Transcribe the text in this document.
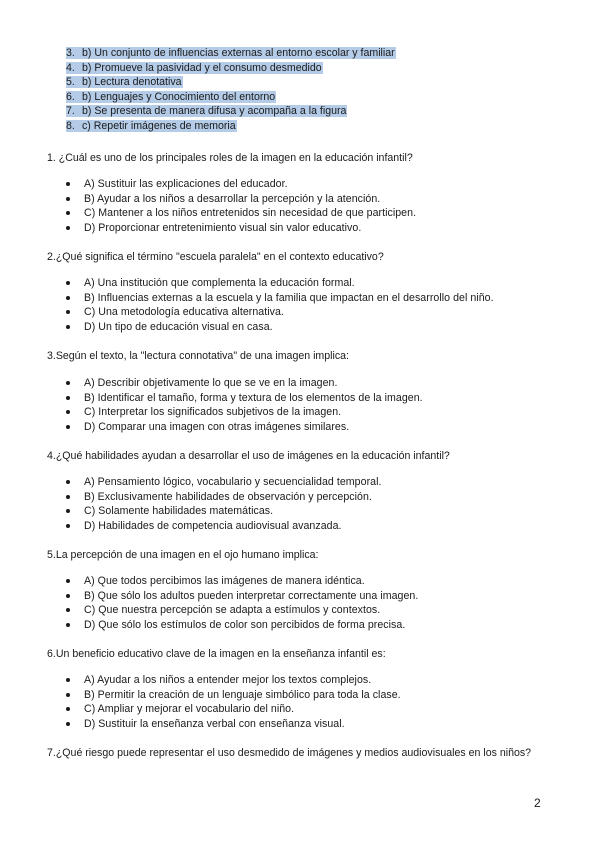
3. b) Un conjunto de influencias externas al entorno escolar y familiar
4. b) Promueve la pasividad y el consumo desmedido
5. b) Lectura denotativa
6. b) Lenguajes y Conocimiento del entorno
7. b) Se presenta de manera difusa y acompaña a la figura
8. c) Repetir imágenes de memoria
1. ¿Cuál es uno de los principales roles de la imagen en la educación infantil?
A) Sustituir las explicaciones del educador.
B) Ayudar a los niños a desarrollar la percepción y la atención.
C) Mantener a los niños entretenidos sin necesidad de que participen.
D) Proporcionar entretenimiento visual sin valor educativo.
2.¿Qué significa el término "escuela paralela" en el contexto educativo?
A) Una institución que complementa la educación formal.
B) Influencias externas a la escuela y la familia que impactan en el desarrollo del niño.
C) Una metodología educativa alternativa.
D) Un tipo de educación visual en casa.
3.Según el texto, la "lectura connotativa" de una imagen implica:
A) Describir objetivamente lo que se ve en la imagen.
B) Identificar el tamaño, forma y textura de los elementos de la imagen.
C) Interpretar los significados subjetivos de la imagen.
D) Comparar una imagen con otras imágenes similares.
4.¿Qué habilidades ayudan a desarrollar el uso de imágenes en la educación infantil?
A) Pensamiento lógico, vocabulario y secuencialidad temporal.
B) Exclusivamente habilidades de observación y percepción.
C) Solamente habilidades matemáticas.
D) Habilidades de competencia audiovisual avanzada.
5.La percepción de una imagen en el ojo humano implica:
A) Que todos percibimos las imágenes de manera idéntica.
B) Que sólo los adultos pueden interpretar correctamente una imagen.
C) Que nuestra percepción se adapta a estímulos y contextos.
D) Que sólo los estímulos de color son percibidos de forma precisa.
6.Un beneficio educativo clave de la imagen en la enseñanza infantil es:
A) Ayudar a los niños a entender mejor los textos complejos.
B) Permitir la creación de un lenguaje simbólico para toda la clase.
C) Ampliar y mejorar el vocabulario del niño.
D) Sustituir la enseñanza verbal con enseñanza visual.
7.¿Qué riesgo puede representar el uso desmedido de imágenes y medios audiovisuales en los niños?
2
